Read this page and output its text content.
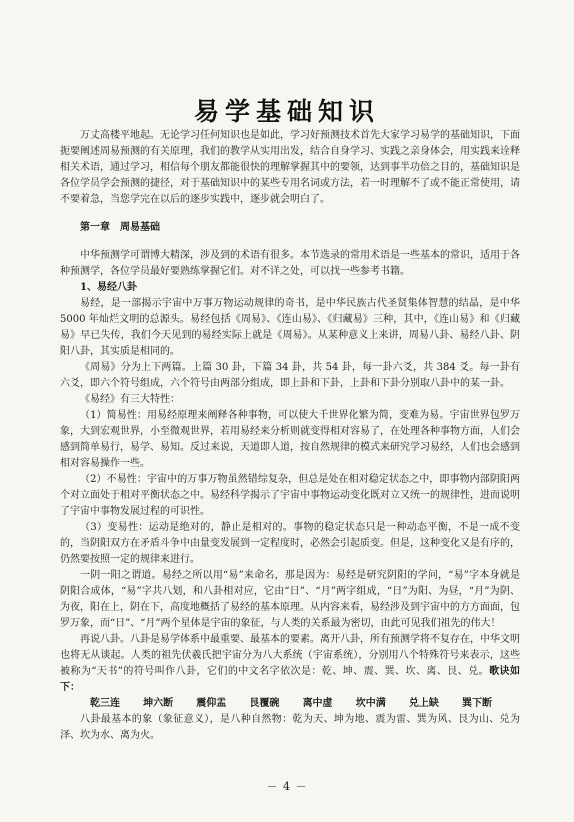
易学基础知识

万丈高楼平地起。无论学习任何知识也是如此，学习好预测技术首先大家学习易学的基础知识，下面扼要阐述周易预测的有关原理，我们的教学从实用出发，结合自身学习、实践之亲身体会，用实践来诠释相关术语，通过学习，相信每个朋友都能很快的理解掌握其中的要领，达到事半功倍之目的，基础知识是各位学员学会预测的捷径，对于基础知识中的某些专用名词或方法，若一时理解不了或不能正常使用，请不要着急，当您学完在以后的逐步实践中，逐步就会明白了。

第一章　周易基础

中华预测学可谓博大精深，涉及到的术语有很多。本节选录的常用术语是一些基本的常识，适用于各种预测学，各位学员最好要熟练掌握它们。对不详之处，可以找一些参考书籍。

1、易经八卦

易经，是一部揭示宇宙中万事万物运动规律的奇书，是中华民族古代圣贤集体智慧的结晶，是中华 5000 年灿烂文明的总源头。易经包括《周易》、《连山易》、《归藏易》三种，其中，《连山易》和《归藏易》早已失传，我们今天见到的易经实际上就是《周易》。从某种意义上来讲，周易八卦、易经八卦、阴阳八卦，其实质是相同的。

《周易》分为上下两篇。上篇 30 卦，下篇 34 卦，共 54 卦，每一卦六爻，共 384 爻。每一卦有六爻，即六个符号组成，六个符号由两部分组成，即上卦和下卦，上卦和下卦分别取八卦中的某一卦。

《易经》有三大特性：

（1）简易性：用易经原理来阐释各种事物，可以使大千世界化繁为简，变难为易。宇宙世界包罗万象，大到宏观世界，小至微观世界，若用易经来分析则就变得相对容易了，在处理各种事物方面，人们会感到简单易行，易学、易知。反过来说，天道即人道，按自然规律的模式来研究学习易经，人们也会感到相对容易操作一些。

（2）不易性：宇宙中的万事万物虽然错综复杂，但总是处在相对稳定状态之中，即事物内部阴阳两个对立面处于相对平衡状态之中。易经科学揭示了宇宙中事物运动变化既对立又统一的规律性，进而说明了宇宙中事物发展过程的可识性。

（3）变易性：运动是绝对的，静止是相对的。事物的稳定状态只是一种动态平衡，不是一成不变的，当阴阳双方在矛盾斗争中由量变发展到一定程度时，必然会引起质变。但是，这种变化又是有序的，仍然要按照一定的规律来进行。

一阴一阳之谓道。易经之所以用“易”来命名，那是因为：易经是研究阴阳的学问，“易”字本身就是阴阳合成体，“易”字共八划，和八卦相对应，它由“日”、“月”两字组成，“日”为阳、为昼，“月”为阴、为夜，阳在上，阴在下，高度地概括了易经的基本原理。从内容来看，易经涉及到宇宙中的方方面面，包罗万象，而“日”、“月”两个星体是宇宙的象征，与人类的关系最为密切，由此可见我们祖先的伟大！

再说八卦。八卦是易学体系中最重要、最基本的要素。离开八卦，所有预测学将不复存在，中华文明也将无从谈起。人类的祖先伏羲氏把宇宙分为八大系统（宇宙系统），分别用八个特殊符号来表示，这些被称为“天书”的符号叫作八卦，它们的中文名字依次是：乾、坤、震、巽、坎、离、艮、兑。歌诀如下：

乾三连 坤六断 震仰盂 艮覆碗 离中虚 坎中满 兑上缺 巽下断

八卦最基本的象（象征意义），是八种自然物：乾为天、坤为地、震为雷、巽为风、艮为山、兑为泽、坎为水、离为火。

－ 4 －
